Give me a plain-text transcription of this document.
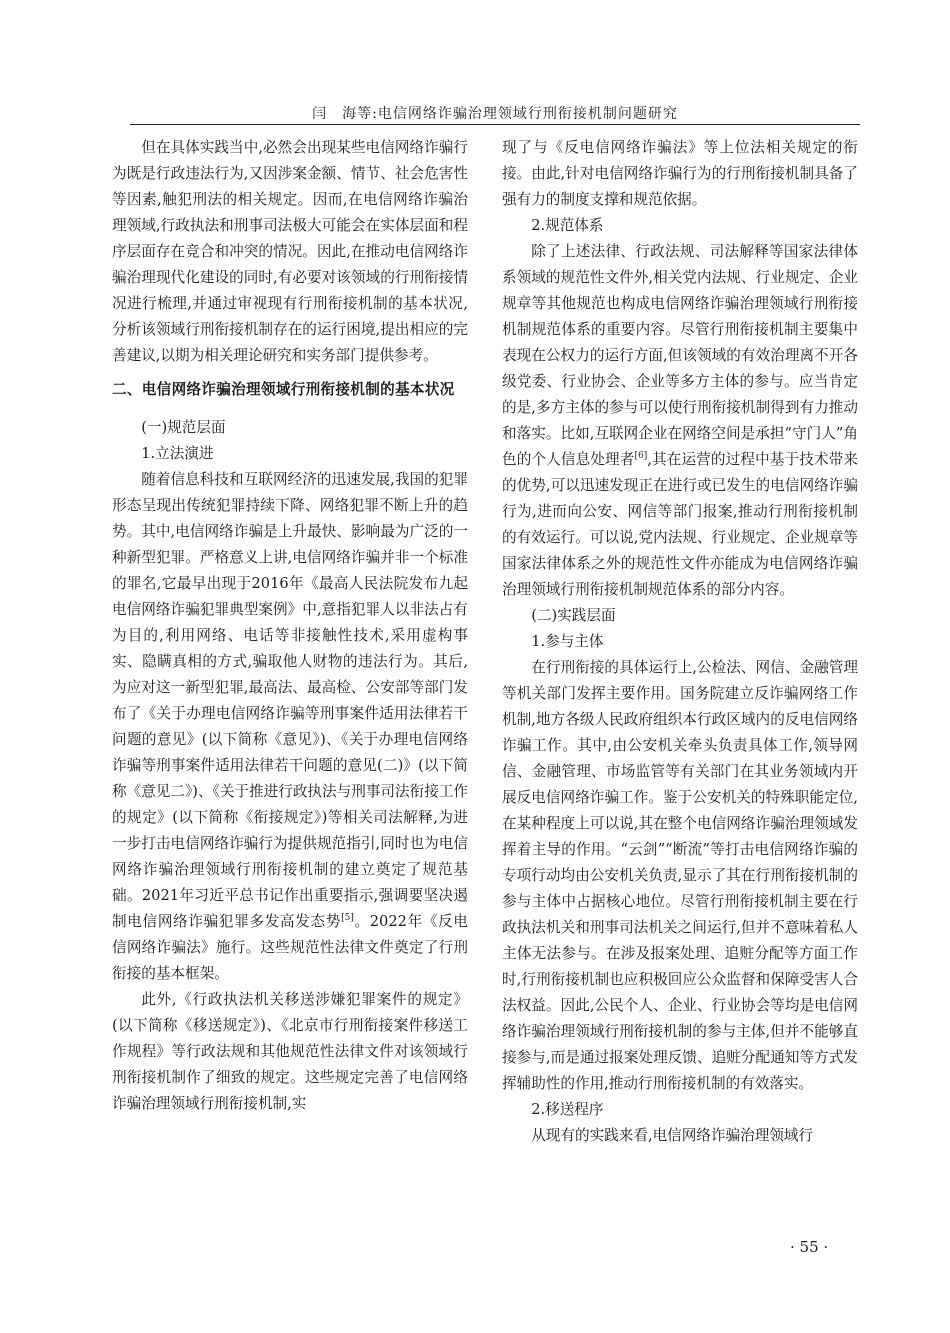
闫　海等:电信网络诈骗治理领域行刑衔接机制问题研究

但在具体实践当中,必然会出现某些电信网络诈骗行为既是行政违法行为,又因涉案金额、情节、社会危害性等因素,触犯刑法的相关规定。因而,在电信网络诈骗治理领域,行政执法和刑事司法极大可能会在实体层面和程序层面存在竞合和冲突的情况。因此,在推动电信网络诈骗治理现代化建设的同时,有必要对该领域的行刑衔接情况进行梳理,并通过审视现有行刑衔接机制的基本状况,分析该领域行刑衔接机制存在的运行困境,提出相应的完善建议,以期为相关理论研究和实务部门提供参考。

二、电信网络诈骗治理领域行刑衔接机制的基本状况

(一)规范层面

1.立法演进

随着信息科技和互联网经济的迅速发展,我国的犯罪形态呈现出传统犯罪持续下降、网络犯罪不断上升的趋势。其中,电信网络诈骗是上升最快、影响最为广泛的一种新型犯罪。严格意义上讲,电信网络诈骗并非一个标准的罪名,它最早出现于2016年《最高人民法院发布九起电信网络诈骗犯罪典型案例》中,意指犯罪人以非法占有为目的,利用网络、电话等非接触性技术,采用虚构事实、隐瞒真相的方式,骗取他人财物的违法行为。其后,为应对这一新型犯罪,最高法、最高检、公安部等部门发布了《关于办理电信网络诈骗等刑事案件适用法律若干问题的意见》(以下简称《意见》)、《关于办理电信网络诈骗等刑事案件适用法律若干问题的意见(二)》(以下简称《意见二》)、《关于推进行政执法与刑事司法衔接工作的规定》(以下简称《衔接规定》)等相关司法解释,为进一步打击电信网络诈骗行为提供规范指引,同时也为电信网络诈骗治理领域行刑衔接机制的建立奠定了规范基础。2021年习近平总书记作出重要指示,强调要坚决遏制电信网络诈骗犯罪多发高发态势[5]。2022年《反电信网络诈骗法》施行。这些规范性法律文件奠定了行刑衔接的基本框架。

此外,《行政执法机关移送涉嫌犯罪案件的规定》(以下简称《移送规定》)、《北京市行刑衔接案件移送工作规程》等行政法规和其他规范性法律文件对该领域行刑衔接机制作了细致的规定。这些规定完善了电信网络诈骗治理领域行刑衔接机制,实

现了与《反电信网络诈骗法》等上位法相关规定的衔接。由此,针对电信网络诈骗行为的行刑衔接机制具备了强有力的制度支撑和规范依据。

2.规范体系

除了上述法律、行政法规、司法解释等国家法律体系领域的规范性文件外,相关党内法规、行业规定、企业规章等其他规范也构成电信网络诈骗治理领域行刑衔接机制规范体系的重要内容。尽管行刑衔接机制主要集中表现在公权力的运行方面,但该领域的有效治理离不开各级党委、行业协会、企业等多方主体的参与。应当肯定的是,多方主体的参与可以使行刑衔接机制得到有力推动和落实。比如,互联网企业在网络空间是承担“守门人”角色的个人信息处理者[6],其在运营的过程中基于技术带来的优势,可以迅速发现正在进行或已发生的电信网络诈骗行为,进而向公安、网信等部门报案,推动行刑衔接机制的有效运行。可以说,党内法规、行业规定、企业规章等国家法律体系之外的规范性文件亦能成为电信网络诈骗治理领域行刑衔接机制规范体系的部分内容。

(二)实践层面

1.参与主体

在行刑衔接的具体运行上,公检法、网信、金融管理等机关部门发挥主要作用。国务院建立反诈骗网络工作机制,地方各级人民政府组织本行政区域内的反电信网络诈骗工作。其中,由公安机关牵头负责具体工作,领导网信、金融管理、市场监管等有关部门在其业务领域内开展反电信网络诈骗工作。鉴于公安机关的特殊职能定位,在某种程度上可以说,其在整个电信网络诈骗治理领域发挥着主导的作用。“云剑”“断流”等打击电信网络诈骗的专项行动均由公安机关负责,显示了其在行刑衔接机制的参与主体中占据核心地位。尽管行刑衔接机制主要在行政执法机关和刑事司法机关之间运行,但并不意味着私人主体无法参与。在涉及报案处理、追赃分配等方面工作时,行刑衔接机制也应积极回应公众监督和保障受害人合法权益。因此,公民个人、企业、行业协会等均是电信网络诈骗治理领域行刑衔接机制的参与主体,但并不能够直接参与,而是通过报案处理反馈、追赃分配通知等方式发挥辅助性的作用,推动行刑衔接机制的有效落实。

2.移送程序

从现有的实践来看,电信网络诈骗治理领域行

· 55 ·
